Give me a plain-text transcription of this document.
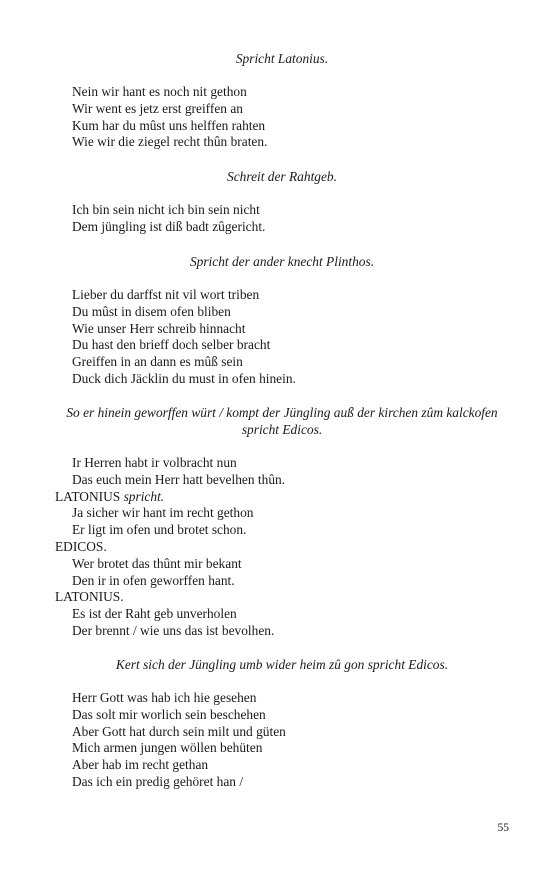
Spricht Latonius.
Nein wir hant es noch nit gethon
Wir went es jetz erst greiffen an
Kum har du mûst uns helffen rahten
Wie wir die ziegel recht thûn braten.
Schreit der Rahtgeb.
Ich bin sein nicht ich bin sein nicht
Dem jüngling ist diß badt zûgericht.
Spricht der ander knecht Plinthos.
Lieber du darffst nit vil wort triben
Du mûst in disem ofen bliben
Wie unser Herr schreib hinnacht
Du hast den brieff doch selber bracht
Greiffen in an dann es mûß sein
Duck dich Jäcklin du must in ofen hinein.
So er hinein geworffen würt / kompt der Jüngling auß der kirchen zûm kalckofen spricht Edicos.
Ir Herren habt ir volbracht nun
Das euch mein Herr hatt bevelhen thûn.
LATONIUS spricht.
Ja sicher wir hant im recht gethon
Er ligt im ofen und brotet schon.
EDICOS.
Wer brotet das thûnt mir bekant
Den ir in ofen geworffen hant.
LATONIUS.
Es ist der Raht geb unverholen
Der brennt / wie uns das ist bevolhen.
Kert sich der Jüngling umb wider heim zû gon spricht Edicos.
Herr Gott was hab ich hie gesehen
Das solt mir worlich sein beschehen
Aber Gott hat durch sein milt und güten
Mich armen jungen wöllen behüten
Aber hab im recht gethan
Das ich ein predig gehöret han /
55
